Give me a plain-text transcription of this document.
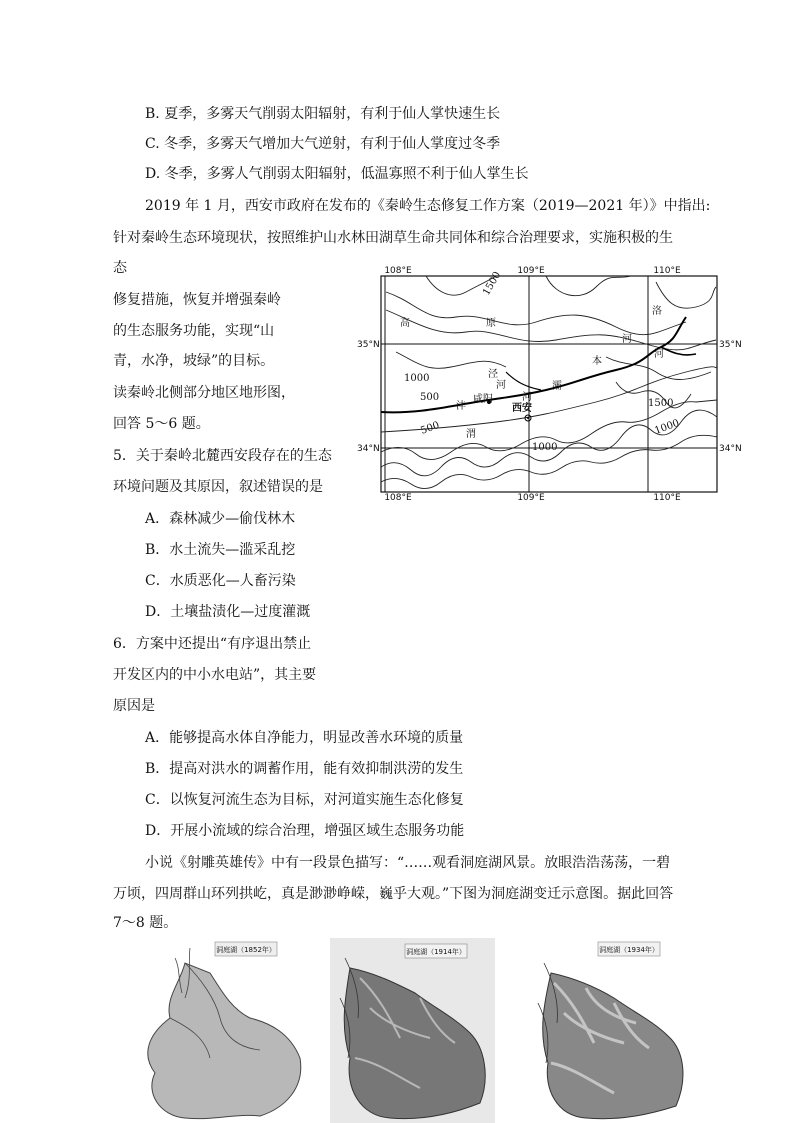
B. 夏季，多雾天气削弱太阳辐射，有利于仙人掌快速生长
C. 冬季，多雾天气增加大气逆射，有利于仙人掌度过冬季
D. 冬季，多雾人气削弱太阳辐射，低温寡照不利于仙人掌生长
2019 年 1 月，西安市政府在发布的《秦岭生态修复工作方案（2019—2021 年）》中指出:
针对秦岭生态环境现状，按照维护山水林田湖草生命共同体和综合治理要求，实施积极的生
态
修复措施，恢复并增强秦岭
的生态服务功能，实现“山
青，水净，坡绿”的目标。
读秦岭北侧部分地区地形图，
回答 5～6 题。
5．关于秦岭北麓西安段存在的生态
环境问题及其原因，叙述错误的是
A．森林减少—偷伐林木
B．水土流失—滥采乱挖
C．水质恶化—人畜污染
D．土壤盐渍化—过度灌溉
6．方案中还提出“有序退出禁止
开发区内的中小水电站”，其主要
原因是
A．能够提高水体自净能力，明显改善水环境的质量
B．提高对洪水的调蓄作用，能有效抑制洪涝的发生
C．以恢复河流生态为目标，对河道实施生态化修复
D．开展小流域的综合治理，增强区域生态服务功能
小说《射雕英雄传》中有一段景色描写：“……观看洞庭湖风景。放眼浩浩荡荡，一碧
万顷，四周群山环列拱屹，真是渺渺峥嵘，巍乎大观。”下图为洞庭湖变迁示意图。据此回答
7～8 题。
108°E	109°E	110°E
108°E	109°E	110°E
35°N
34°N
35°N
34°N
高	原
本
河
渭
河
咸阳
西安
1500
1000
500
500
1500
1000
1000
泾
河
洛
河
沣
灞
洞庭湖（1852年）	洞庭湖（1914年）	洞庭湖（1934年）
